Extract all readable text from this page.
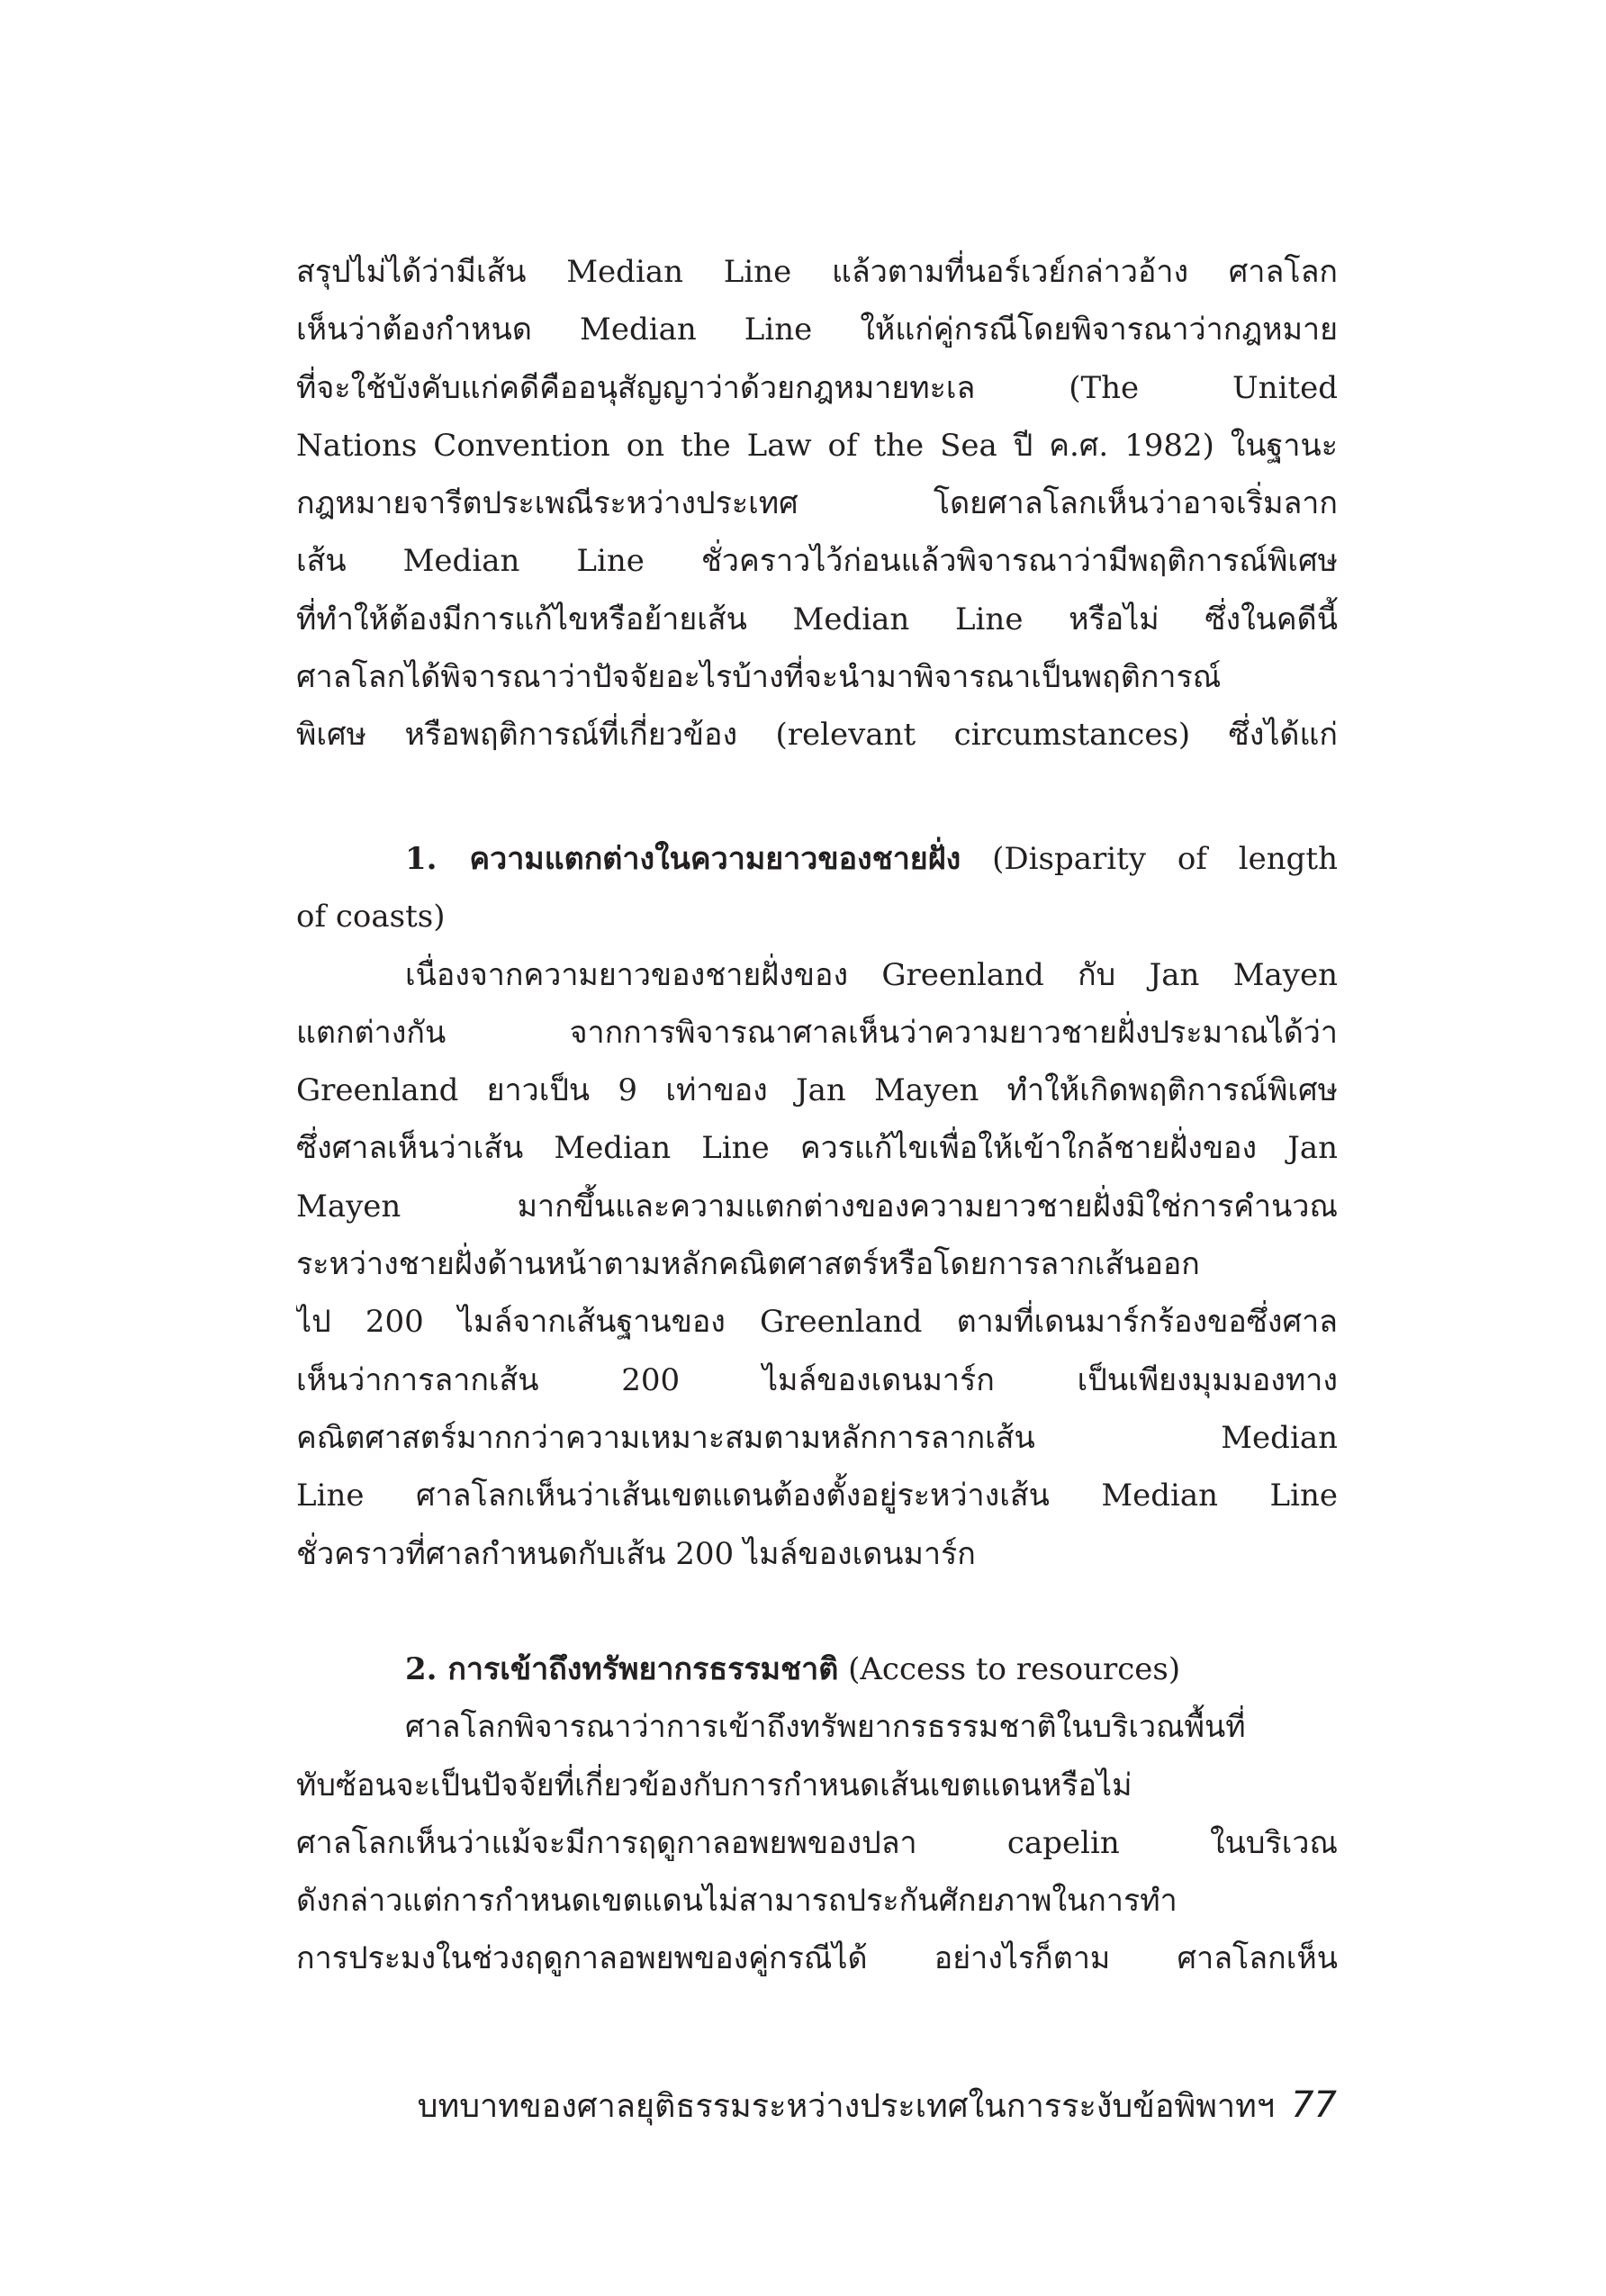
สรุปไม่ได้ว่ามีเส้น Median Line แล้วตามที่นอร์เวย์กล่าวอ้าง ศาลโลก
เห็นว่าต้องกำหนด Median Line ให้แก่คู่กรณีโดยพิจารณาว่ากฎหมาย
ที่จะใช้บังคับแก่คดีคืออนุสัญญาว่าด้วยกฎหมายทะเล (The United
Nations Convention on the Law of the Sea ปี ค.ศ. 1982) ในฐานะ
กฎหมายจารีตประเพณีระหว่างประเทศ โดยศาลโลกเห็นว่าอาจเริ่มลาก
เส้น Median Line ชั่วคราวไว้ก่อนแล้วพิจารณาว่ามีพฤติการณ์พิเศษ
ที่ทำให้ต้องมีการแก้ไขหรือย้ายเส้น Median Line หรือไม่ ซึ่งในคดีนี้
ศาลโลกได้พิจารณาว่าปัจจัยอะไรบ้างที่จะนำมาพิจารณาเป็นพฤติการณ์
พิเศษ หรือพฤติการณ์ที่เกี่ยวข้อง (relevant circumstances) ซึ่งได้แก่
1. ความแตกต่างในความยาวของชายฝั่ง (Disparity of length
of coasts)
เนื่องจากความยาวของชายฝั่งของ Greenland กับ Jan Mayen
แตกต่างกัน จากการพิจารณาศาลเห็นว่าความยาวชายฝั่งประมาณได้ว่า
Greenland ยาวเป็น 9 เท่าของ Jan Mayen ทำให้เกิดพฤติการณ์พิเศษ
ซึ่งศาลเห็นว่าเส้น Median Line ควรแก้ไขเพื่อให้เข้าใกล้ชายฝั่งของ Jan
Mayen มากขึ้นและความแตกต่างของความยาวชายฝั่งมิใช่การคำนวณ
ระหว่างชายฝั่งด้านหน้าตามหลักคณิตศาสตร์หรือโดยการลากเส้นออก
ไป 200 ไมล์จากเส้นฐานของ Greenland ตามที่เดนมาร์กร้องขอซึ่งศาล
เห็นว่าการลากเส้น 200 ไมล์ของเดนมาร์ก เป็นเพียงมุมมองทาง
คณิตศาสตร์มากกว่าความเหมาะสมตามหลักการลากเส้น Median
Line ศาลโลกเห็นว่าเส้นเขตแดนต้องตั้งอยู่ระหว่างเส้น Median Line
ชั่วคราวที่ศาลกำหนดกับเส้น 200 ไมล์ของเดนมาร์ก
2. การเข้าถึงทรัพยากรธรรมชาติ (Access to resources)
ศาลโลกพิจารณาว่าการเข้าถึงทรัพยากรธรรมชาติในบริเวณพื้นที่
ทับซ้อนจะเป็นปัจจัยที่เกี่ยวข้องกับการกำหนดเส้นเขตแดนหรือไม่
ศาลโลกเห็นว่าแม้จะมีการฤดูกาลอพยพของปลา capelin ในบริเวณ
ดังกล่าวแต่การกำหนดเขตแดนไม่สามารถประกันศักยภาพในการทำ
การประมงในช่วงฤดูกาลอพยพของคู่กรณีได้ อย่างไรก็ตาม ศาลโลกเห็น
บทบาทของศาลยุติธรรมระหว่างประเทศในการระงับข้อพิพาทฯ 77
